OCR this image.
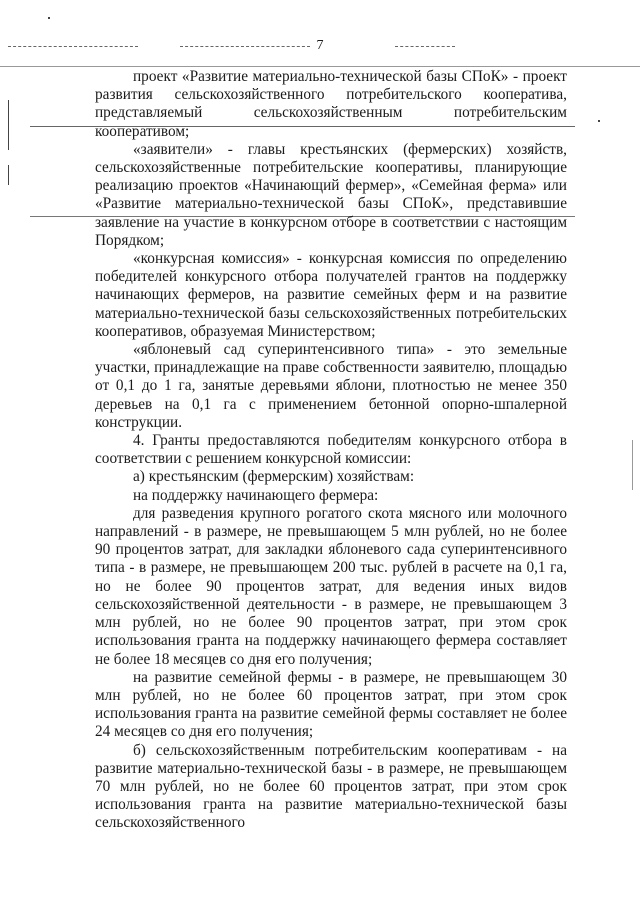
7

проект «Развитие материально-технической базы СПоК» - проект развития сельскохозяйственного потребительского кооператива, представляемый сельскохозяйственным потребительским кооперативом;

«заявители» - главы крестьянских (фермерских) хозяйств, сельскохозяйственные потребительские кооперативы, планирующие реализацию проектов «Начинающий фермер», «Семейная ферма» или «Развитие материально-технической базы СПоК», представившие заявление на участие в конкурсном отборе в соответствии с настоящим Порядком;

«конкурсная комиссия» - конкурсная комиссия по определению победителей конкурсного отбора получателей грантов на поддержку начинающих фермеров, на развитие семейных ферм и на развитие материально-технической базы сельскохозяйственных потребительских кооперативов, образуемая Министерством;

«яблоневый сад суперинтенсивного типа» - это земельные участки, принадлежащие на праве собственности заявителю, площадью от 0,1 до 1 га, занятые деревьями яблони, плотностью не менее 350 деревьев на 0,1 га с применением бетонной опорно-шпалерной конструкции.

4. Гранты предоставляются победителям конкурсного отбора в соответствии с решением конкурсной комиссии:

а) крестьянским (фермерским) хозяйствам:

на поддержку начинающего фермера:

для разведения крупного рогатого скота мясного или молочного направлений - в размере, не превышающем 5 млн рублей, но не более 90 процентов затрат, для закладки яблоневого сада суперинтенсивного типа - в размере, не превышающем 200 тыс. рублей в расчете на 0,1 га, но не более 90 процентов затрат, для ведения иных видов сельскохозяйственной деятельности - в размере, не превышающем 3 млн рублей, но не более 90 процентов затрат, при этом срок использования гранта на поддержку начинающего фермера составляет не более 18 месяцев со дня его получения;

на развитие семейной фермы - в размере, не превышающем 30 млн рублей, но не более 60 процентов затрат, при этом срок использования гранта на развитие семейной фермы составляет не более 24 месяцев со дня его получения;

б) сельскохозяйственным потребительским кооперативам - на развитие материально-технической базы - в размере, не превышающем 70 млн рублей, но не более 60 процентов затрат, при этом срок использования гранта на развитие материально-технической базы сельскохозяйственного
